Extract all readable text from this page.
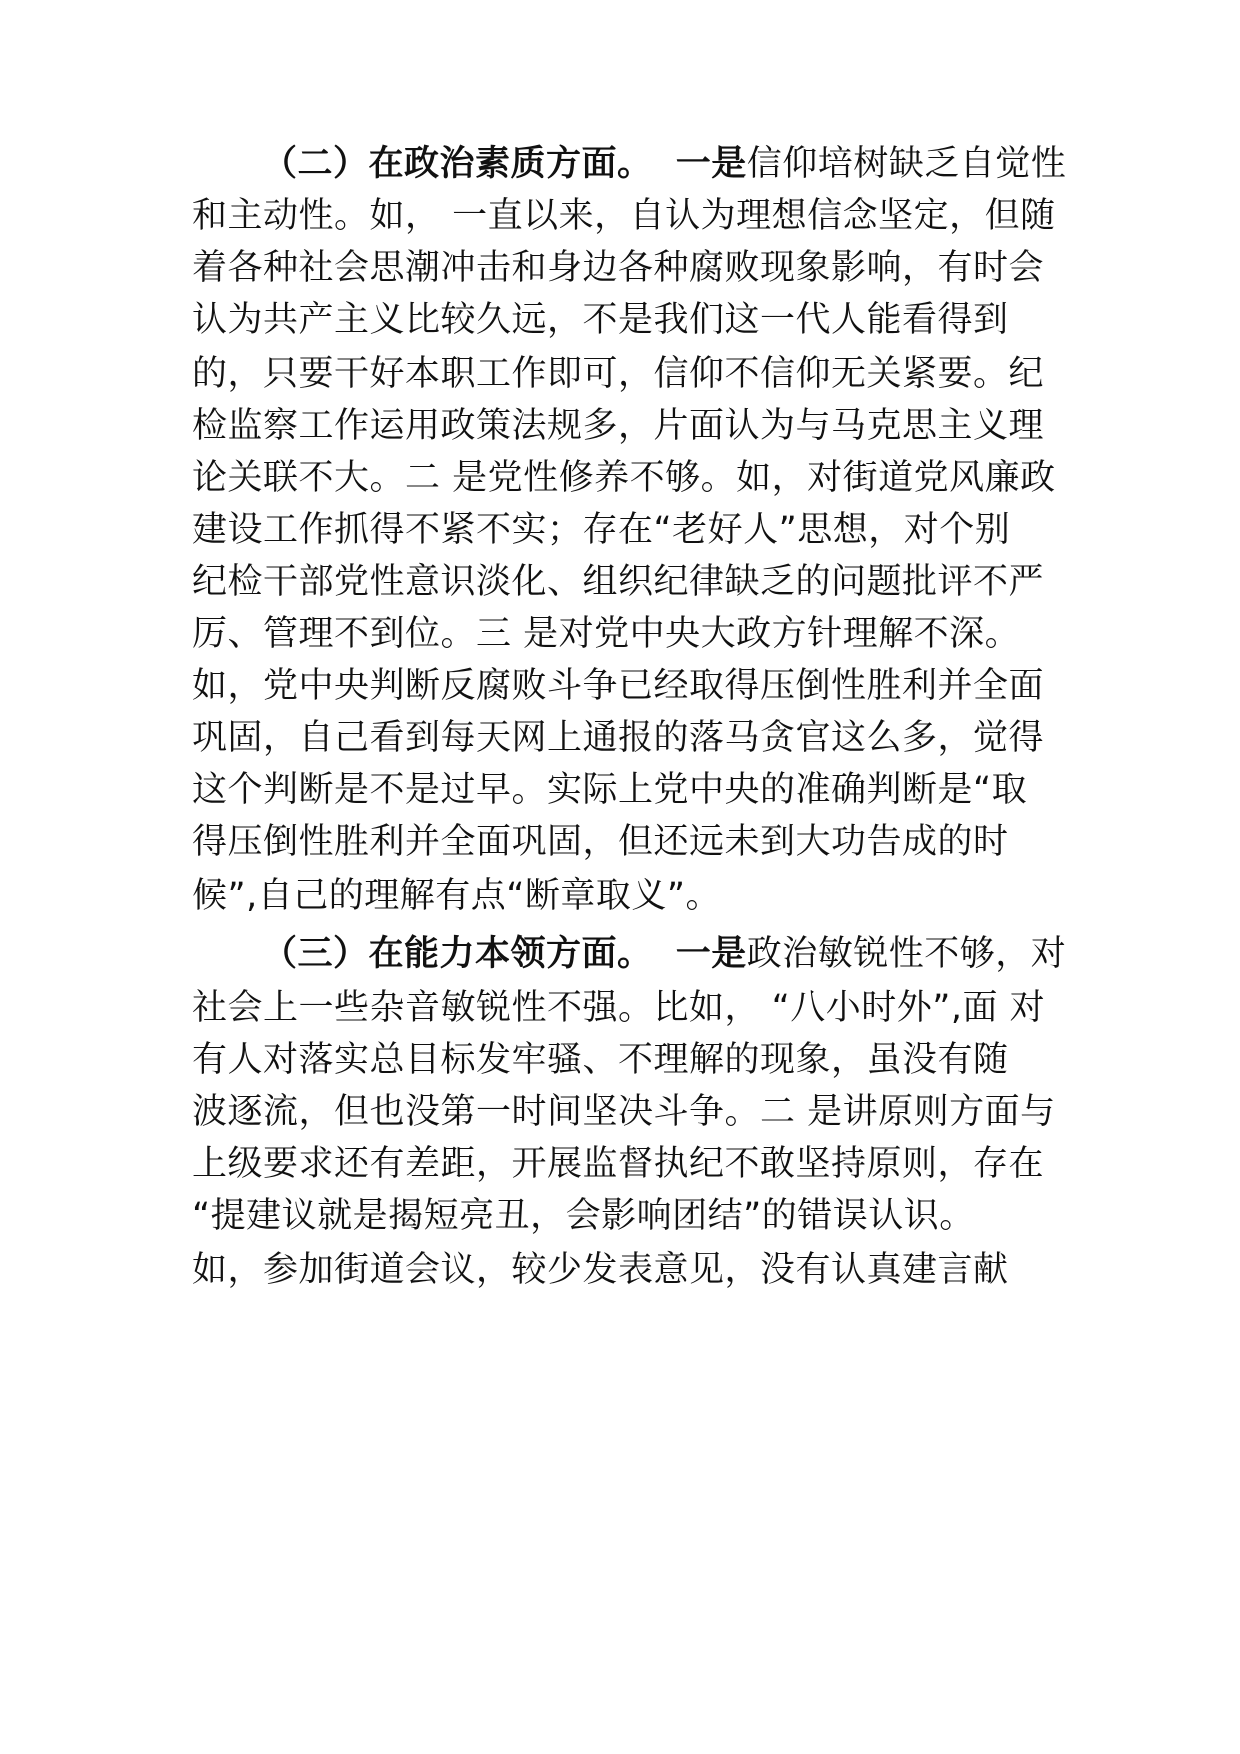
（二）在政治素质方面。 一是信仰培树缺乏自觉性
和主动性。如， 一直以来，自认为理想信念坚定，但随
着各种社会思潮冲击和身边各种腐败现象影响，有时会
认为共产主义比较久远，不是我们这一代人能看得到
的，只要干好本职工作即可，信仰不信仰无关紧要。纪
检监察工作运用政策法规多，片面认为与马克思主义理
论关联不大。二 是党性修养不够。如，对街道党风廉政
建设工作抓得不紧不实；存在“老好人”思想，对个别
纪检干部党性意识淡化、组织纪律缺乏的问题批评不严
厉、管理不到位。三 是对党中央大政方针理解不深。
如，党中央判断反腐败斗争已经取得压倒性胜利并全面
巩固，自己看到每天网上通报的落马贪官这么多，觉得
这个判断是不是过早。实际上党中央的准确判断是“取
得压倒性胜利并全面巩固，但还远未到大功告成的时
候”,自己的理解有点“断章取义”。
（三）在能力本领方面。 一是政治敏锐性不够，对
社会上一些杂音敏锐性不强。比如， “八小时外”,面 对
有人对落实总目标发牢骚、不理解的现象，虽没有随
波逐流，但也没第一时间坚决斗争。二 是讲原则方面与
上级要求还有差距，开展监督执纪不敢坚持原则，存在
“提建议就是揭短亮丑，会影响团结”的错误认识。
如，参加街道会议，较少发表意见，没有认真建言献
